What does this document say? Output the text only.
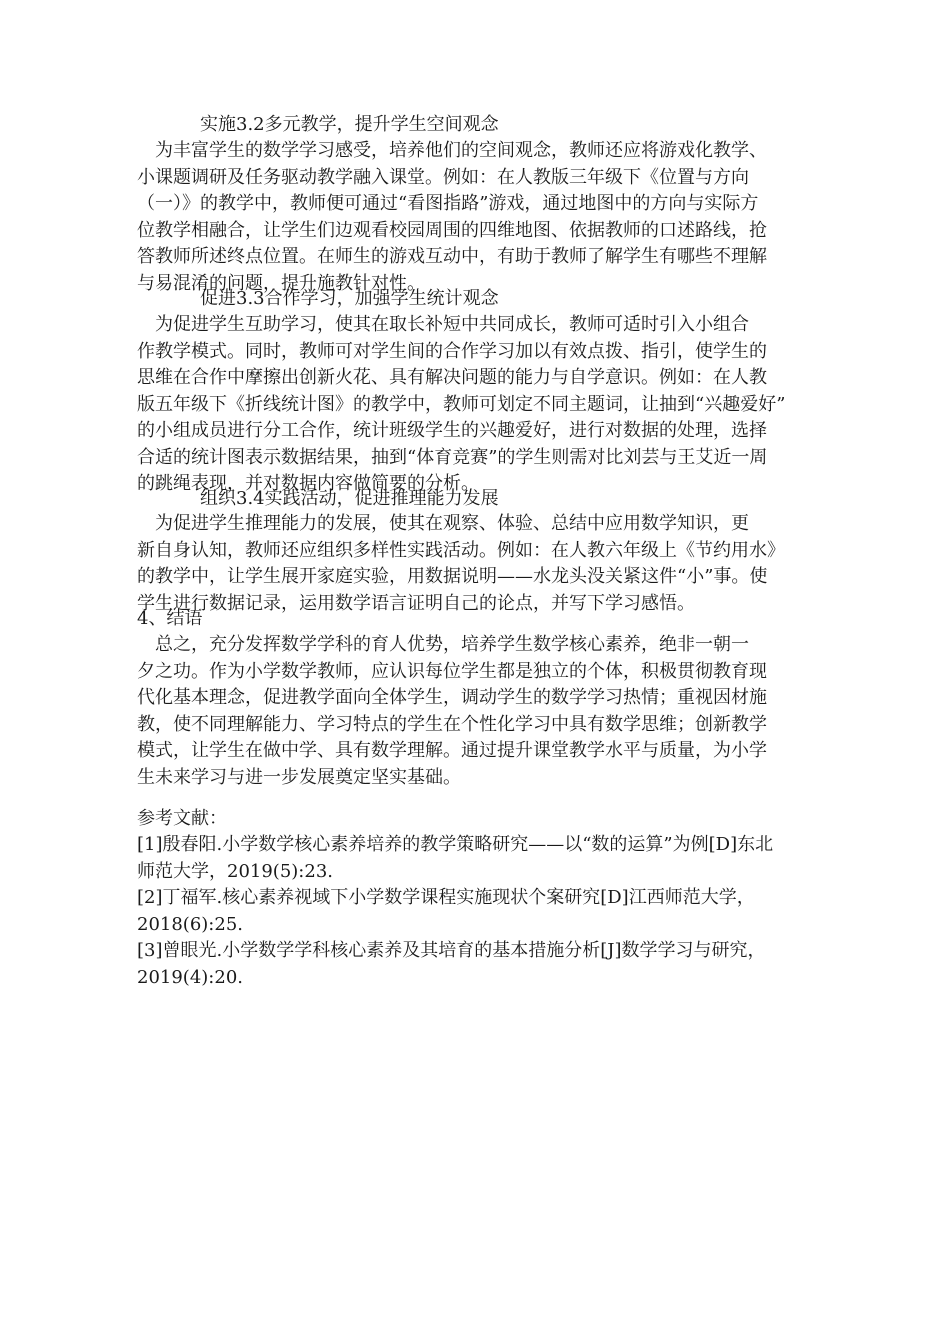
实施3.2多元教学，提升学生空间观念
　为丰富学生的数学学习感受，培养他们的空间观念，教师还应将游戏化教学、
小课题调研及任务驱动教学融入课堂。例如：在人教版三年级下《位置与方向
（一）》的教学中，教师便可通过“看图指路”游戏，通过地图中的方向与实际方
位教学相融合，让学生们边观看校园周围的四维地图、依据教师的口述路线，抢
答教师所述终点位置。在师生的游戏互动中，有助于教师了解学生有哪些不理解
与易混淆的问题，提升施教针对性。
促进3.3合作学习，加强学生统计观念
　为促进学生互助学习，使其在取长补短中共同成长，教师可适时引入小组合
作教学模式。同时，教师可对学生间的合作学习加以有效点拨、指引，使学生的
思维在合作中摩擦出创新火花、具有解决问题的能力与自学意识。例如：在人教
版五年级下《折线统计图》的教学中，教师可划定不同主题词，让抽到“兴趣爱好”
的小组成员进行分工合作，统计班级学生的兴趣爱好，进行对数据的处理，选择
合适的统计图表示数据结果，抽到“体育竞赛”的学生则需对比刘芸与王艾近一周
的跳绳表现，并对数据内容做简要的分析。
组织3.4实践活动，促进推理能力发展
　为促进学生推理能力的发展，使其在观察、体验、总结中应用数学知识，更
新自身认知，教师还应组织多样性实践活动。例如：在人教六年级上《节约用水》
的教学中，让学生展开家庭实验，用数据说明——水龙头没关紧这件“小”事。使
学生进行数据记录，运用数学语言证明自己的论点，并写下学习感悟。
4、结语
　总之，充分发挥数学学科的育人优势，培养学生数学核心素养，绝非一朝一
夕之功。作为小学数学教师，应认识每位学生都是独立的个体，积极贯彻教育现
代化基本理念，促进教学面向全体学生，调动学生的数学学习热情；重视因材施
教，使不同理解能力、学习特点的学生在个性化学习中具有数学思维；创新教学
模式，让学生在做中学、具有数学理解。通过提升课堂教学水平与质量，为小学
生未来学习与进一步发展奠定坚实基础。
参考文献：
[1]殷春阳.小学数学核心素养培养的教学策略研究——以“数的运算”为例[D]东北
师范大学，2019(5):23.
[2]丁福军.核心素养视域下小学数学课程实施现状个案研究[D]江西师范大学，
2018(6):25.
[3]曾眼光.小学数学学科核心素养及其培育的基本措施分析[J]数学学习与研究，
2019(4):20.
